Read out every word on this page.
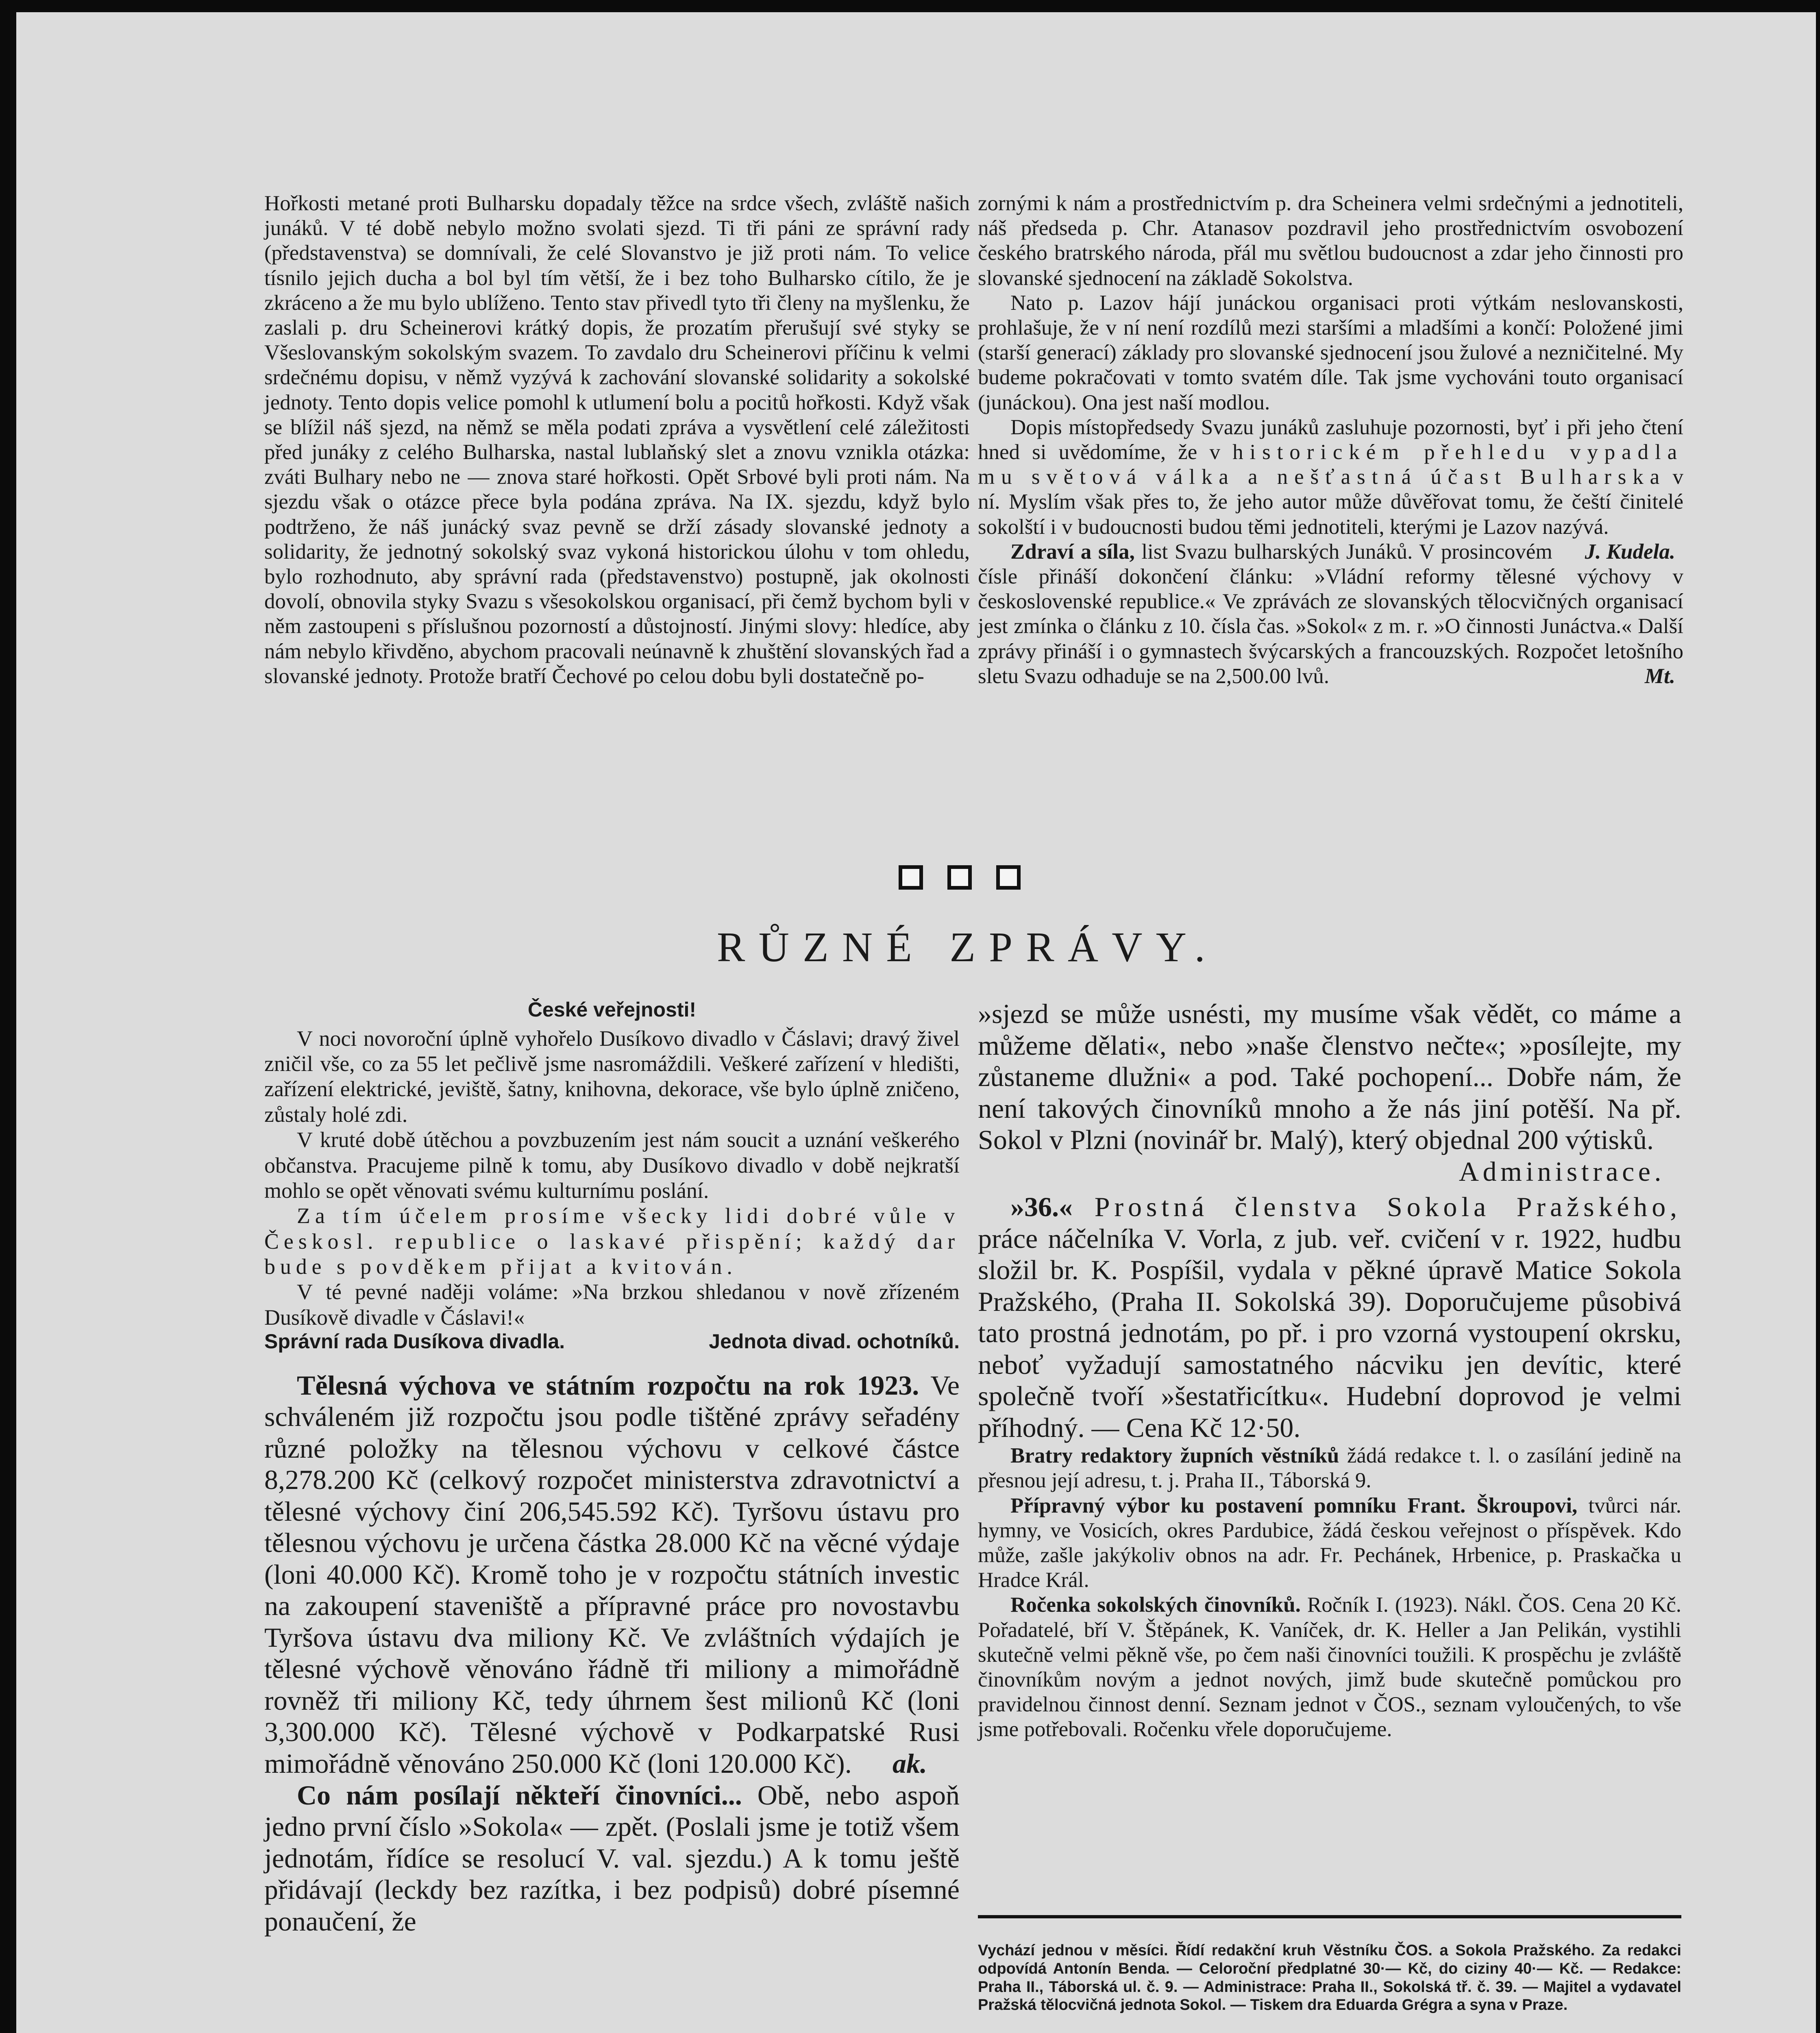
Hořkosti metané proti Bulharsku dopadaly těžce na srdce všech, zvláště našich junáků. V té době nebylo možno svolati sjezd. Ti tři páni ze správní rady (představenstva) se domnívali, že celé Slovanstvo je již proti nám. To velice tísnilo jejich ducha a bol byl tím větší, že i bez toho Bulharsko cítilo, že je zkráceno a že mu bylo ublíženo. Tento stav přivedl tyto tři členy na myšlenku, že zaslali p. dru Scheinerovi krátký dopis, že prozatím přerušují své styky se Všeslovanským sokolským svazem. To zavdalo dru Scheinerovi příčinu k velmi srdečnému dopisu, v němž vyzývá k zachování slovanské solidarity a sokolské jednoty. Tento dopis velice pomohl k utlumení bolu a pocitů hořkosti. Když však se blížil náš sjezd, na němž se měla podati zpráva a vysvětlení celé záležitosti před junáky z celého Bulharska, nastal lublaňský slet a znovu vznikla otázka: zváti Bulhary nebo ne — znova staré hořkosti. Opět Srbové byli proti nám. Na sjezdu však o otázce přece byla podána zpráva. Na IX. sjezdu, když bylo podtrženo, že náš junácký svaz pevně se drží zásady slovanské jednoty a solidarity, že jednotný sokolský svaz vykoná historickou úlohu v tom ohledu, bylo rozhodnuto, aby správní rada (představenstvo) postupně, jak okolnosti dovolí, obnovila styky Svazu s všesokolskou organisací, při čemž bychom byli v něm zastoupeni s příslušnou pozorností a důstojností. Jinými slovy: hledíce, aby nám nebylo křivděno, abychom pracovali neúnavně k zhuštění slovanských řad a slovanské jednoty. Protože bratří Čechové po celou dobu byli dostatečně po-

zornými k nám a prostřednictvím p. dra Scheinera velmi srdečnými a jednotiteli, náš předseda p. Chr. Atanasov pozdravil jeho prostřednictvím osvobození českého bratrského národa, přál mu světlou budoucnost a zdar jeho činnosti pro slovanské sjednocení na základě Sokolstva.

Nato p. Lazov hájí junáckou organisaci proti výtkám neslovanskosti, prohlašuje, že v ní není rozdílů mezi staršími a mladšími a končí: Položené jimi (starší generací) základy pro slovanské sjednocení jsou žulové a nezničitelné. My budeme pokračovati v tomto svatém díle. Tak jsme vychováni touto organisací (junáckou). Ona jest naší modlou.

Dopis místopředsedy Svazu junáků zasluhuje pozornosti, byť i při jeho čtení hned si uvědomíme, že v historickém přehledu vypadla mu světová válka a nešťastná účast Bulharska v ní. Myslím však přes to, že jeho autor může důvěřovat tomu, že čeští činitelé sokolští i v budoucnosti budou těmi jednotiteli, kterými je Lazov nazývá.
J. Kudela.

Zdraví a síla, list Svazu bulharských Junáků. V prosincovém čísle přináší dokončení článku: »Vládní reformy tělesné výchovy v československé republice.« Ve zprávách ze slovanských tělocvičných organisací jest zmínka o článku z 10. čísla čas. »Sokol« z m. r. »O činnosti Junáctva.« Další zprávy přináší i o gymnastech švýcarských a francouzských. Rozpočet letošního sletu Svazu odhaduje se na 2,500.00 lvů.	Mt.

RŮZNÉ ZPRÁVY.

České veřejnosti!

V noci novoroční úplně vyhořelo Dusíkovo divadlo v Čáslavi; dravý živel zničil vše, co za 55 let pečlivě jsme nasromáždili. Veškeré zařízení v hledišti, zařízení elektrické, jeviště, šatny, knihovna, dekorace, vše bylo úplně zničeno, zůstaly holé zdi.

V kruté době útěchou a povzbuzením jest nám soucit a uznání veškerého občanstva. Pracujeme pilně k tomu, aby Dusíkovo divadlo v době nejkratší mohlo se opět věnovati svému kulturnímu poslání.

Za tím účelem prosíme všecky lidi dobré vůle v Českosl. republice o laskavé přispění; každý dar bude s povděkem přijat a kvitován.

V té pevné naději voláme: »Na brzkou shledanou v nově zřízeném Dusíkově divadle v Čáslavi!«

Správní rada Dusíkova divadla.	Jednota divad. ochotníků.
Tělesná výchova ve státním rozpočtu na rok 1923. Ve schváleném již rozpočtu jsou podle tištěné zprávy seřadény různé položky na tělesnou výchovu v celkové částce 8,278.200 Kč (celkový rozpočet ministerstva zdravotnictví a tělesné výchovy činí 206,545.592 Kč). Tyršovu ústavu pro tělesnou výchovu je určena částka 28.000 Kč na věcné výdaje (loni 40.000 Kč). Kromě toho je v rozpočtu státních investic na zakoupení staveniště a přípravné práce pro novostavbu Tyršova ústavu dva miliony Kč. Ve zvláštních výdajích je tělesné výchově věnováno řádně tři miliony a mimořádně rovněž tři miliony Kč, tedy úhrnem šest milionů Kč (loni 3,300.000 Kč). Tělesné výchově v Podkarpatské Rusi mimořádně věnováno 250.000 Kč (loni 120.000 Kč). ak.
Co nám posílají někteří činovníci... Obě, nebo aspoň jedno první číslo »Sokola« — zpět. (Poslali jsme je totiž všem jednotám, řídíce se resolucí V. val. sjezdu.) A k tomu ještě přidávají (leckdy bez razítka, i bez podpisů) dobré písemné ponaučení, že
»sjezd se může usnésti, my musíme však vědět, co máme a můžeme dělati«, nebo »naše členstvo nečte«; »posílejte, my zůstaneme dlužni« a pod. Také pochopení... Dobře nám, že není takových činovníků mnoho a že nás jiní potěší. Na př. Sokol v Plzni (novinář br. Malý), který objednal 200 výtisků.
Administrace.
»36.« Prostná členstva Sokola Pražského, práce náčelníka V. Vorla, z jub. veř. cvičení v r. 1922, hudbu složil br. K. Pospíšil, vydala v pěkné úpravě Matice Sokola Pražského, (Praha II. Sokolská 39). Doporučujeme působivá tato prostná jednotám, po př. i pro vzorná vystoupení okrsku, neboť vyžadují samostatného nácviku jen devític, které společně tvoří »šestatřicítku«. Hudební doprovod je velmi příhodný. — Cena Kč 12·50.

Bratry redaktory župních věstníků žádá redakce t. l. o zasílání jedině na přesnou její adresu, t. j. Praha II., Táborská 9.

Přípravný výbor ku postavení pomníku Frant. Škroupovi, tvůrci nár. hymny, ve Vosicích, okres Pardubice, žádá českou veřejnost o příspěvek. Kdo může, zašle jakýkoliv obnos na adr. Fr. Pechánek, Hrbenice, p. Praskačka u Hradce Král.

Ročenka sokolských činovníků. Ročník I. (1923). Nákl. ČOS. Cena 20 Kč. Pořadatelé, bří V. Štěpánek, K. Vaníček, dr. K. Heller a Jan Pelikán, vystihli skutečně velmi pěkně vše, po čem naši činovníci toužili. K prospěchu je zvláště činovníkům novým a jednot nových, jimž bude skutečně pomůckou pro pravidelnou činnost denní. Seznam jednot v ČOS., seznam vyloučených, to vše jsme potřebovali. Ročenku vřele doporučujeme.

Vychází jednou v měsíci. Řídí redakční kruh Věstníku ČOS. a Sokola Pražského. Za redakci odpovídá Antonín Benda. — Celoroční předplatné 30·— Kč, do ciziny 40·— Kč. — Redakce: Praha II., Táborská ul. č. 9. — Administrace: Praha II., Sokolská tř. č. 39. — Majitel a vydavatel Pražská tělocvičná jednota Sokol. — Tiskem dra Eduarda Grégra a syna v Praze.
